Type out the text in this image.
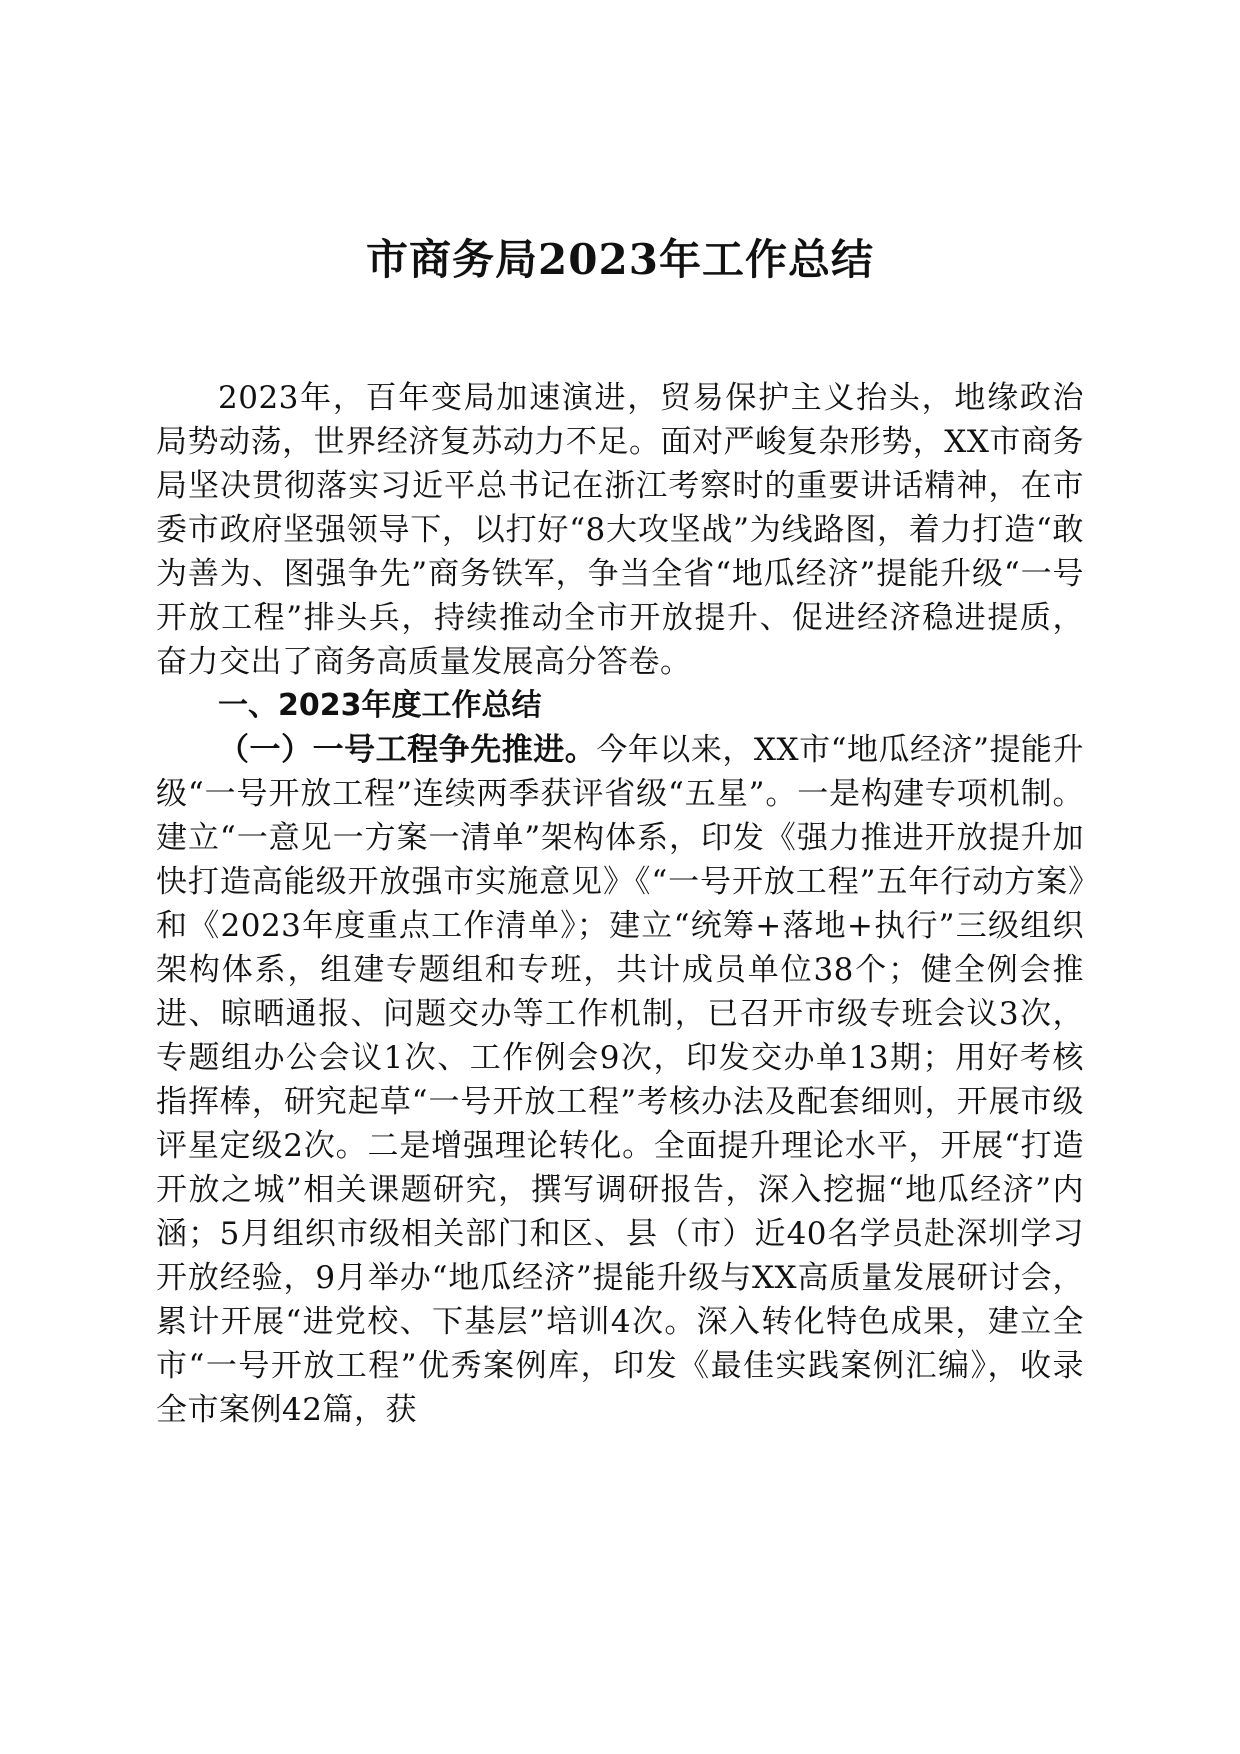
市商务局2023年工作总结

2023年，百年变局加速演进，贸易保护主义抬头，地缘政治局势动荡，世界经济复苏动力不足。面对严峻复杂形势，XX市商务局坚决贯彻落实习近平总书记在浙江考察时的重要讲话精神，在市委市政府坚强领导下，以打好“8大攻坚战”为线路图，着力打造“敢为善为、图强争先”商务铁军，争当全省“地瓜经济”提能升级“一号开放工程”排头兵，持续推动全市开放提升、促进经济稳进提质，奋力交出了商务高质量发展高分答卷。

一、2023年度工作总结

（一）一号工程争先推进。今年以来，XX市“地瓜经济”提能升级“一号开放工程”连续两季获评省级“五星”。一是构建专项机制。建立“一意见一方案一清单”架构体系，印发《强力推进开放提升加快打造高能级开放强市实施意见》《“一号开放工程”五年行动方案》和《2023年度重点工作清单》；建立“统筹+落地+执行”三级组织架构体系，组建专题组和专班，共计成员单位38个；健全例会推进、晾晒通报、问题交办等工作机制，已召开市级专班会议3次，专题组办公会议1次、工作例会9次，印发交办单13期；用好考核指挥棒，研究起草“一号开放工程”考核办法及配套细则，开展市级评星定级2次。二是增强理论转化。全面提升理论水平，开展“打造开放之城”相关课题研究，撰写调研报告，深入挖掘“地瓜经济”内涵；5月组织市级相关部门和区、县（市）近40名学员赴深圳学习开放经验，9月举办“地瓜经济”提能升级与XX高质量发展研讨会，累计开展“进党校、下基层”培训4次。深入转化特色成果，建立全市“一号开放工程”优秀案例库，印发《最佳实践案例汇编》，收录全市案例42篇，获
